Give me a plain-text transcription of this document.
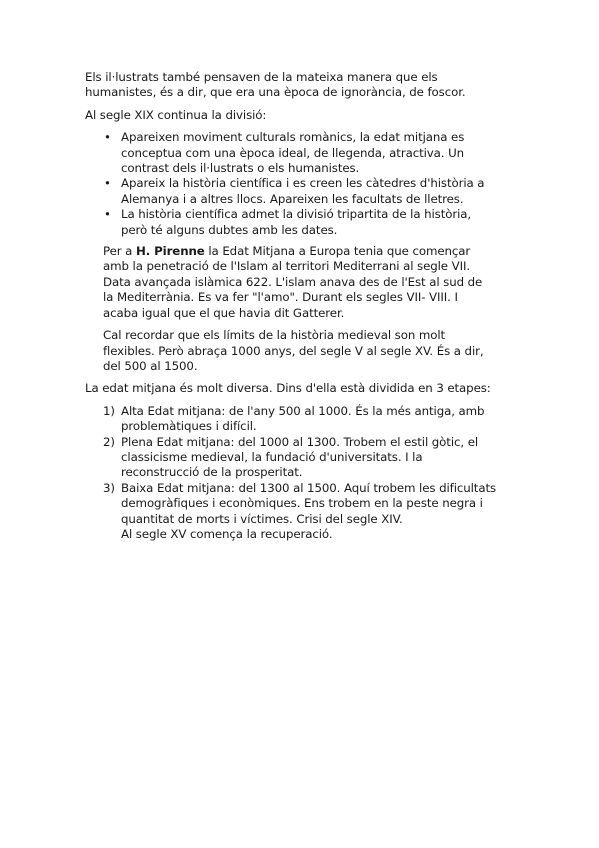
Els il·lustrats també pensaven de la mateixa manera que els
humanistes, és a dir, que era una època de ignorància, de foscor.

Al segle XIX continua la divisió:

• Apareixen moviment culturals romànics, la edat mitjana es
conceptua com una època ideal, de llegenda, atractiva. Un
contrast dels il·lustrats o els humanistes.
• Apareix la història científica i es creen les càtedres d'història a
Alemanya i a altres llocs. Apareixen les facultats de lletres.
• La història científica admet la divisió tripartita de la història,
però té alguns dubtes amb les dates.

Per a H. Pirenne la Edat Mitjana a Europa tenia que començar
amb la penetració de l'Islam al territori Mediterrani al segle VII.
Data avançada islàmica 622. L'islam anava des de l'Est al sud de
la Mediterrània. Es va fer "l'amo". Durant els segles VII- VIII. I
acaba igual que el que havia dit Gatterer.

Cal recordar que els límits de la història medieval son molt
flexibles. Però abraça 1000 anys, del segle V al segle XV. És a dir,
del 500 al 1500.

La edat mitjana és molt diversa. Dins d'ella està dividida en 3 etapes:

1) Alta Edat mitjana: de l'any 500 al 1000. És la més antiga, amb
problemàtiques i difícil.
2) Plena Edat mitjana: del 1000 al 1300. Trobem el estil gòtic, el
classicisme medieval, la fundació d'universitats. I la
reconstrucció de la prosperitat.
3) Baixa Edat mitjana: del 1300 al 1500. Aquí trobem les dificultats
demogràfiques i econòmiques. Ens trobem en la peste negra i
quantitat de morts i víctimes. Crisi del segle XIV.
Al segle XV comença la recuperació.
